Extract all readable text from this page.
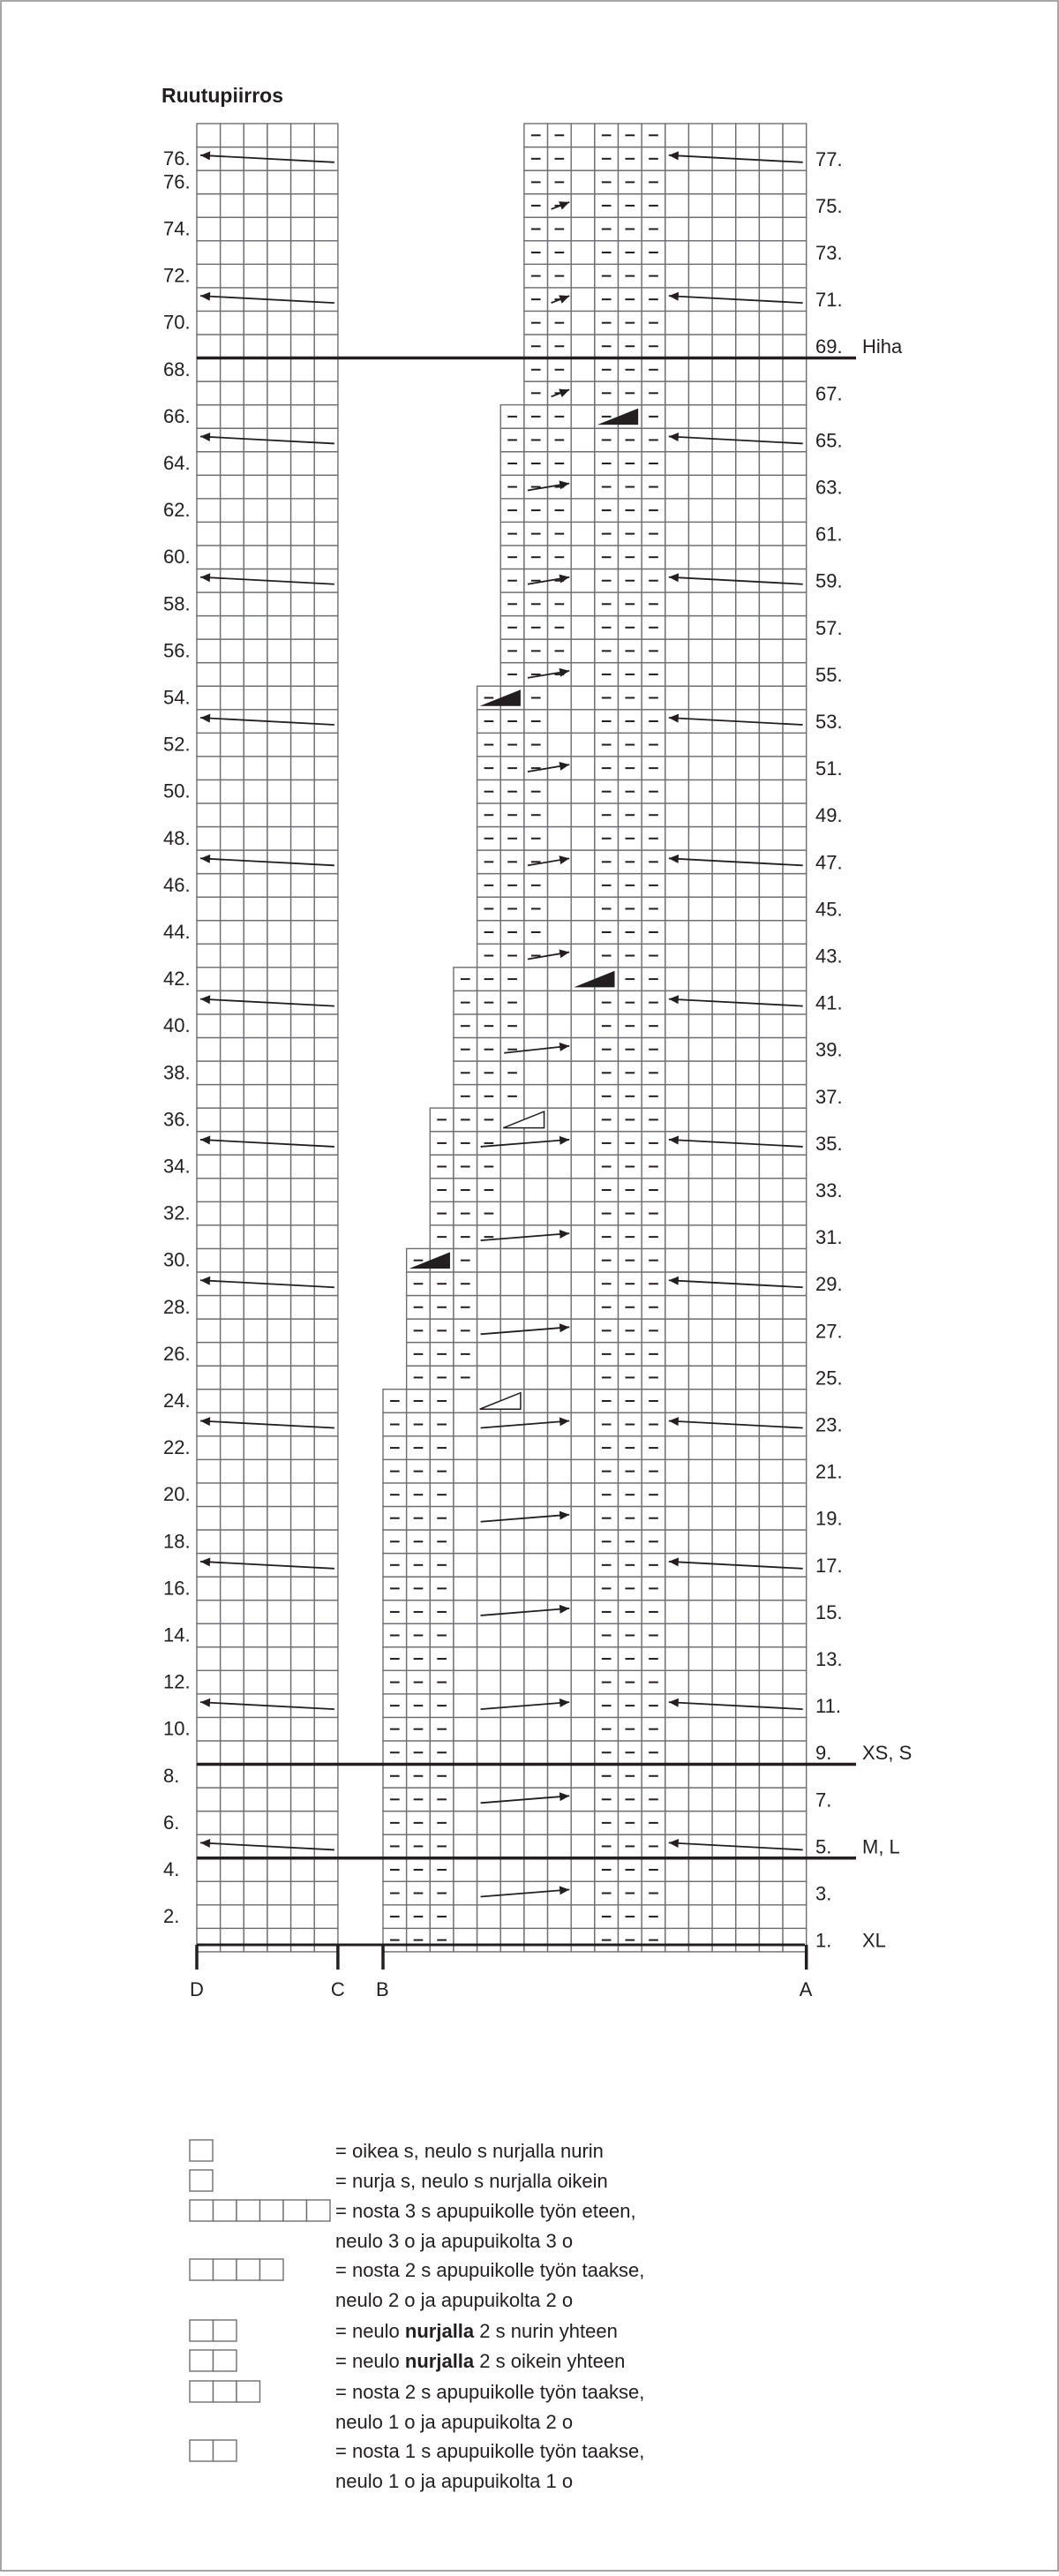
Ruutupiirros
76.
76.
74.
72.
70.
68.
66.
64.
62.
60.
58.
56.
54.
52.
50.
48.
46.
44.
42.
40.
38.
36.
34.
32.
30.
28.
26.
24.
22.
20.
18.
16.
14.
12.
10.
8.
6.
4.
2.
77.
75.
73.
71.
69.
67.
65.
63.
61.
59.
57.
55.
53.
51.
49.
47.
45.
43.
41.
39.
37.
35.
33.
31.
29.
27.
25.
23.
21.
19.
17.
15.
13.
11.
9.
7.
5.
3.
1.
Hiha
XS, S
M, L
XL
D	C B	A
= oikea s, neulo s nurjalla nurin
= nurja s, neulo s nurjalla oikein
= nosta 3 s apupuikolle työn eteen,
neulo 3 o ja apupuikolta 3 o
= nosta 2 s apupuikolle työn taakse,
neulo 2 o ja apupuikolta 2 o
= neulo nurjalla 2 s nurin yhteen
= neulo nurjalla 2 s oikein yhteen
= nosta 2 s apupuikolle työn taakse,
neulo 1 o ja apupuikolta 2 o
= nosta 1 s apupuikolle työn taakse,
neulo 1 o ja apupuikolta 1 o
